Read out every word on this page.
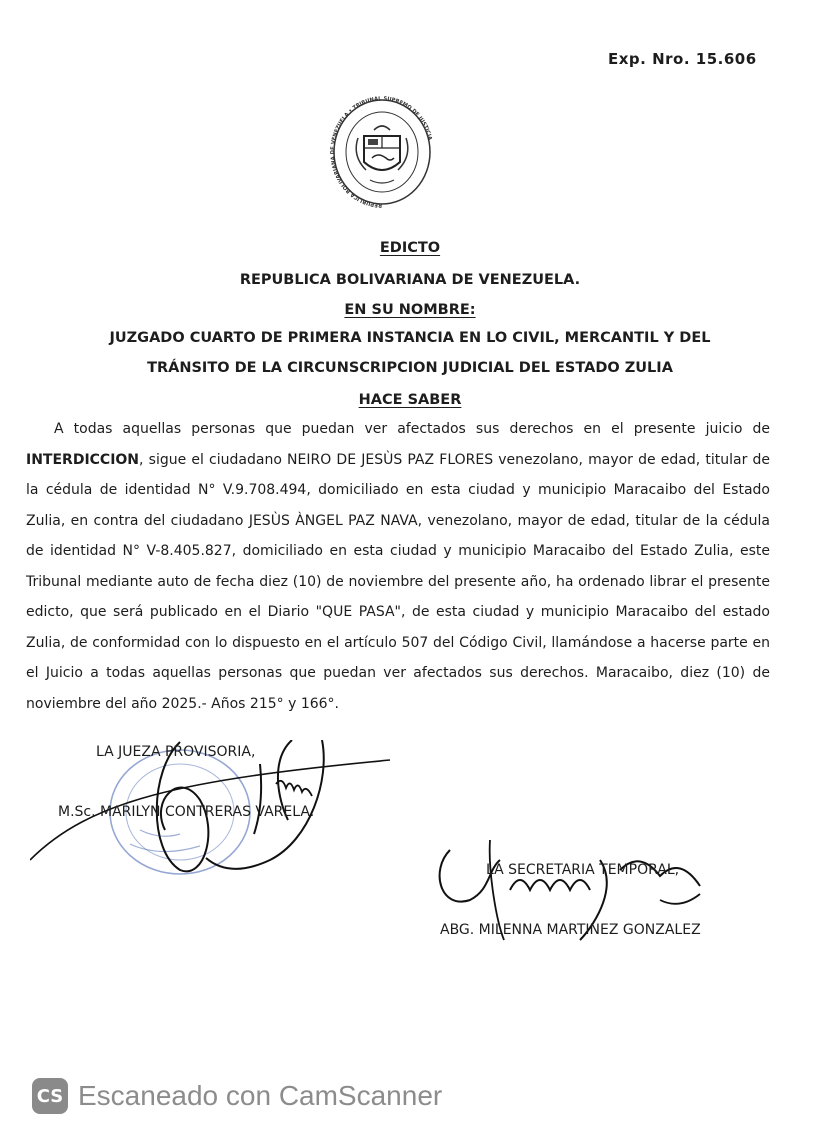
Exp. Nro. 15.606
REPUBLICA BOLIVARIANA DE VENEZUELA • TRIBUNAL SUPREMO DE JUSTICIA
EDICTO
REPUBLICA BOLIVARIANA DE VENEZUELA.
EN SU NOMBRE:
JUZGADO CUARTO DE PRIMERA INSTANCIA EN LO CIVIL, MERCANTIL Y DEL
TRÁNSITO DE LA CIRCUNSCRIPCION JUDICIAL DEL ESTADO ZULIA
HACE SABER

A todas aquellas personas que puedan ver afectados sus derechos en el presente juicio de INTERDICCION, sigue el ciudadano NEIRO DE JESÙS PAZ FLORES venezolano, mayor de edad, titular de la cédula de identidad N° V.9.708.494, domiciliado en esta ciudad y municipio Maracaibo del Estado Zulia, en contra del ciudadano JESÙS ÀNGEL PAZ NAVA, venezolano, mayor de edad, titular de la cédula de identidad N° V-8.405.827, domiciliado en esta ciudad y municipio Maracaibo del Estado Zulia, este Tribunal mediante auto de fecha diez (10) de noviembre del presente año, ha ordenado librar el presente edicto, que será publicado en el Diario "QUE PASA", de esta ciudad y municipio Maracaibo del estado Zulia, de conformidad con lo dispuesto en el artículo 507 del Código Civil, llamándose a hacerse parte en el Juicio a todas aquellas personas que puedan ver afectados sus derechos. Maracaibo, diez (10) de noviembre del año 2025.- Años 215° y 166°.

LA JUEZA PROVISORIA,
M.Sc. MARILYN CONTRERAS VARELA.
LA SECRETARIA TEMPORAL,
ABG. MILENNA MARTINEZ GONZALEZ
CS Escaneado con CamScanner
